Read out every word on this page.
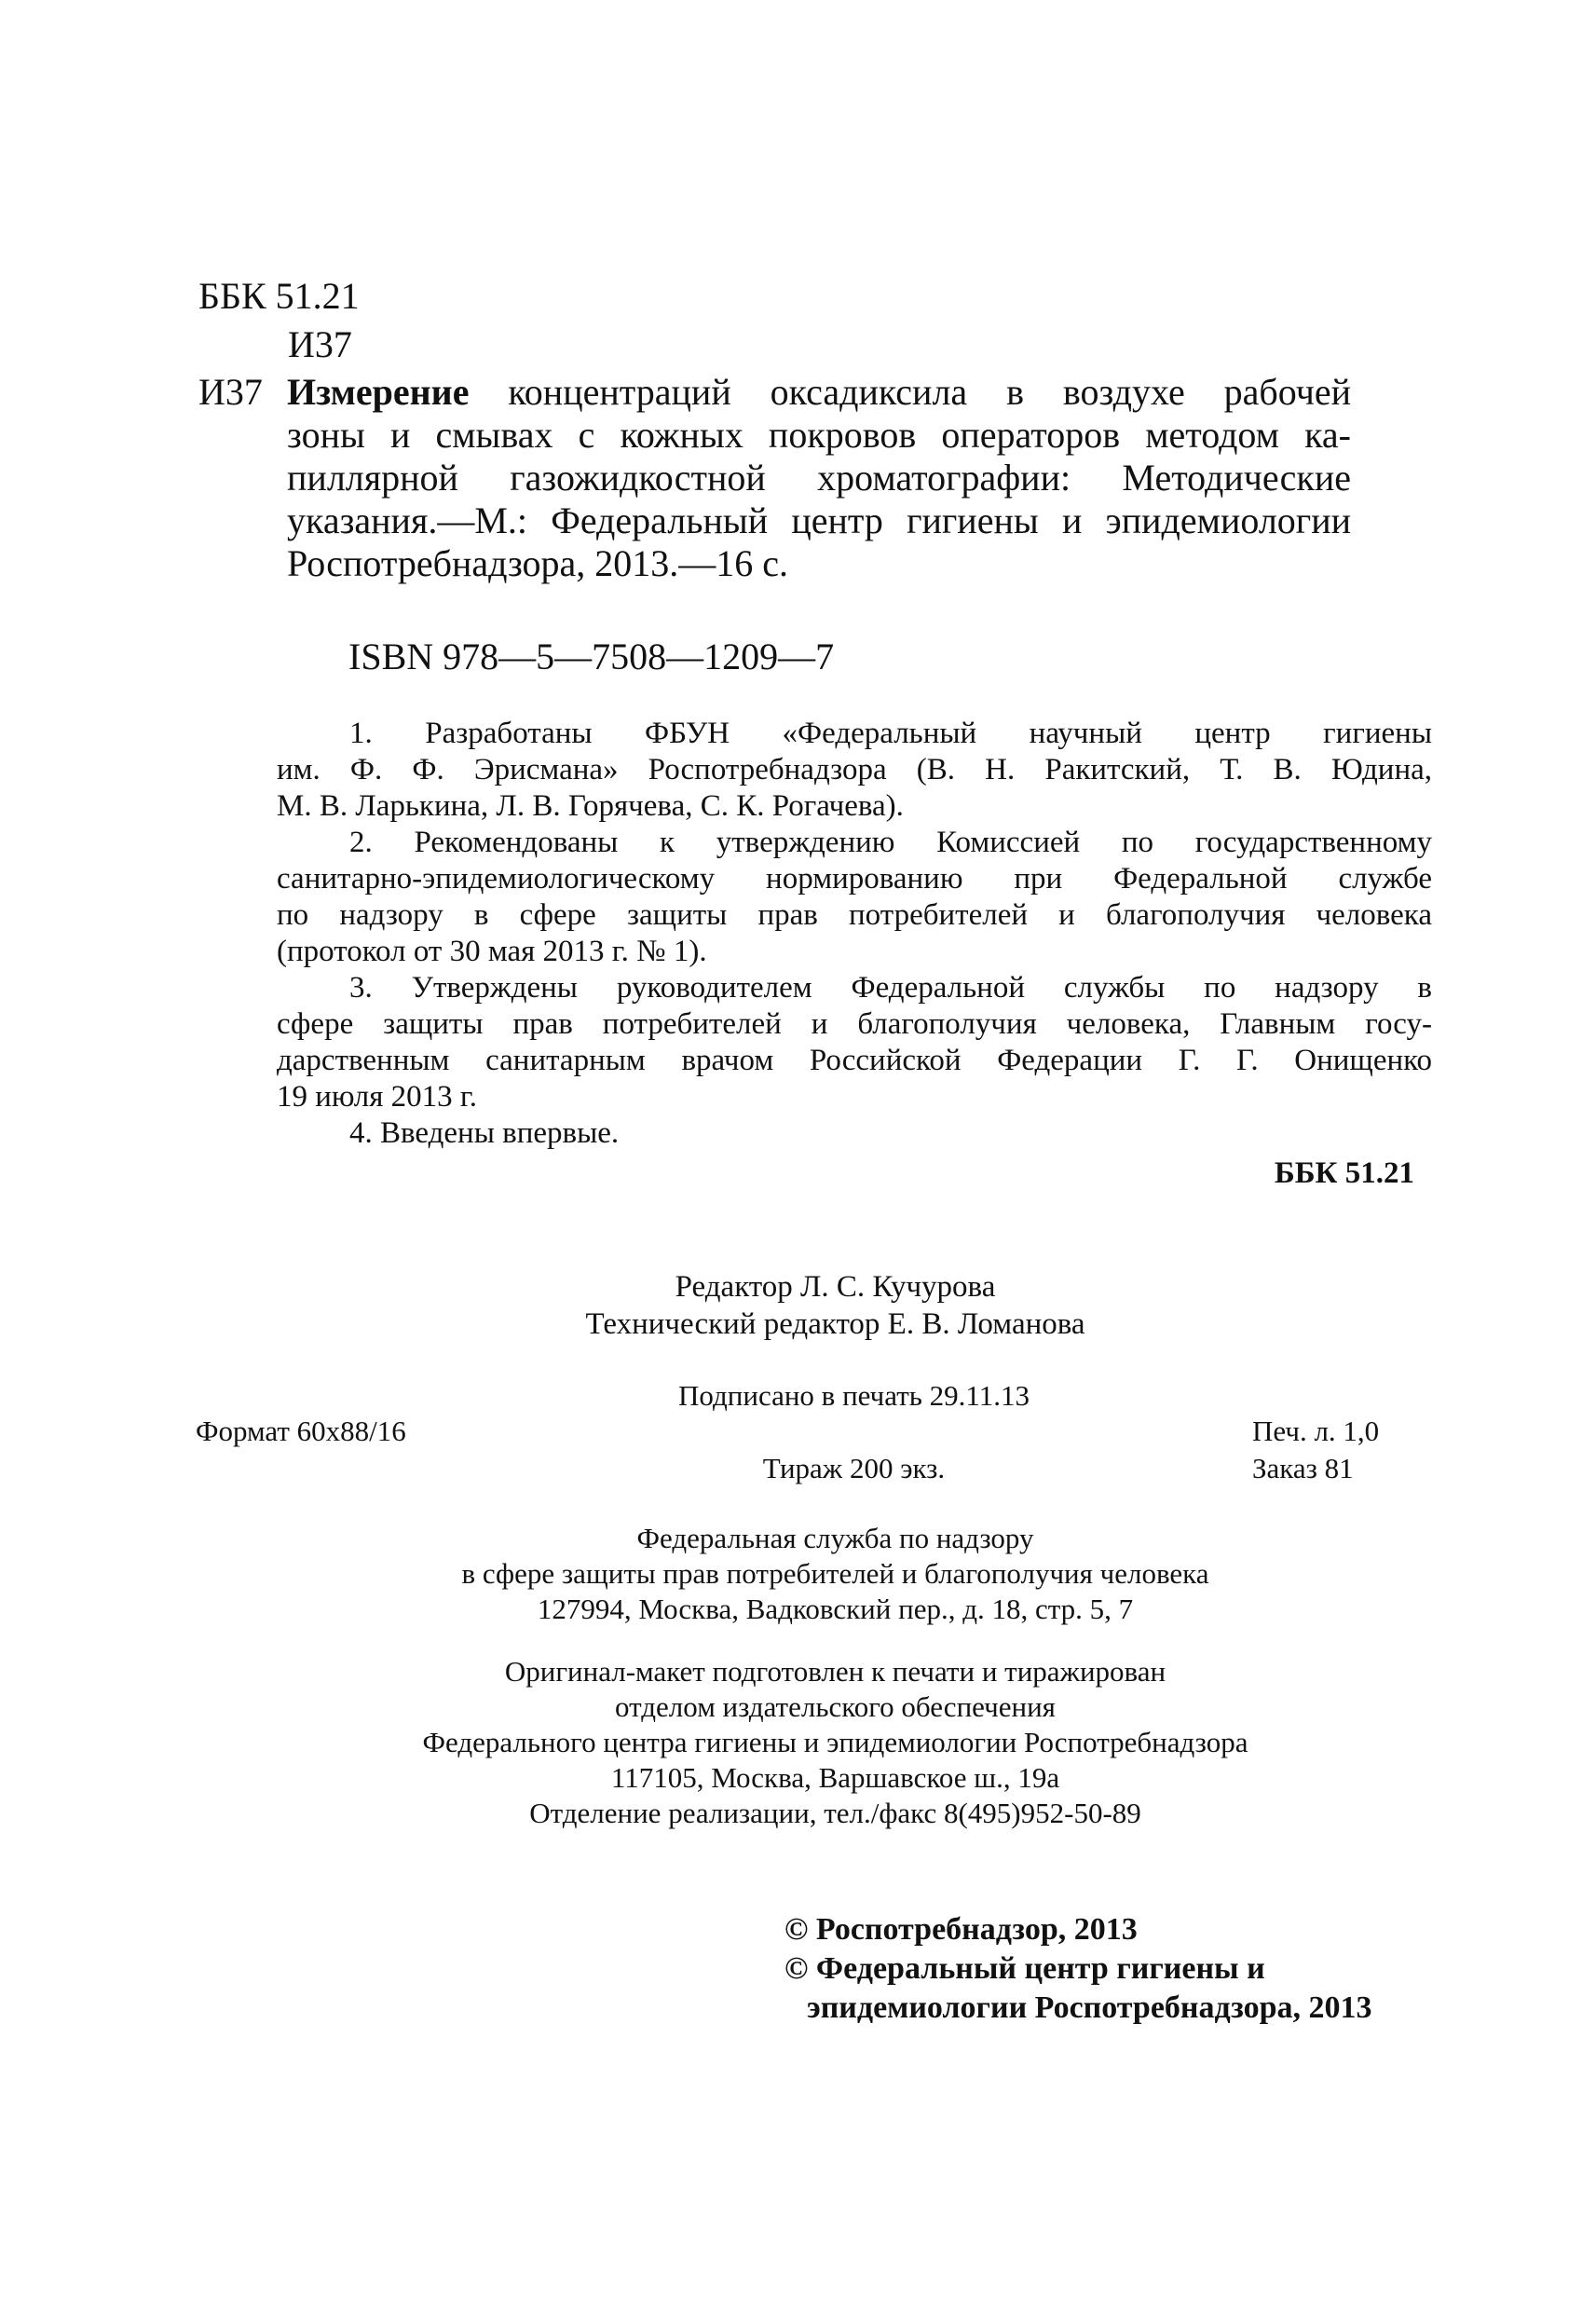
ББК 51.21
И37
И37 Измерение концентраций оксадиксила в воздухе рабочей
зоны и смывах с кожных покровов операторов методом ка-
пиллярной газожидкостной хроматографии: Методические
указания.—М.: Федеральный центр гигиены и эпидемиологии
Роспотребнадзора, 2013.—16 с.
ISBN 978—5—7508—1209—7

1. Разработаны ФБУН «Федеральный научный центр гигиены

им. Ф. Ф. Эрисмана» Роспотребнадзора (В. Н. Ракитский, Т. В. Юдина,
М. В. Ларькина, Л. В. Горячева, С. К. Рогачева).

2. Рекомендованы к утверждению Комиссией по государственному

санитарно-эпидемиологическому нормированию при Федеральной службе
по надзору в сфере защиты прав потребителей и благополучия человека
(протокол от 30 мая 2013 г. № 1).

3. Утверждены руководителем Федеральной службы по надзору в

сфере защиты прав потребителей и благополучия человека, Главным госу-
дарственным санитарным врачом Российской Федерации Г. Г. Онищенко
19 июля 2013 г.

4. Введены впервые.

ББК 51.21
Редактор Л. С. Кучурова
Технический редактор Е. В. Ломанова
Подписано в печать 29.11.13
Формат 60x88/16	Печ. л. 1,0
Тираж 200 экз.	Заказ 81
Федеральная служба по надзору
в сфере защиты прав потребителей и благополучия человека
127994, Москва, Вадковский пер., д. 18, стр. 5, 7
Оригинал-макет подготовлен к печати и тиражирован
отделом издательского обеспечения
Федерального центра гигиены и эпидемиологии Роспотребнадзора
117105, Москва, Варшавское ш., 19а
Отделение реализации, тел./факс 8(495)952-50-89
© Роспотребнадзор, 2013
© Федеральный центр гигиены и
эпидемиологии Роспотребнадзора, 2013
